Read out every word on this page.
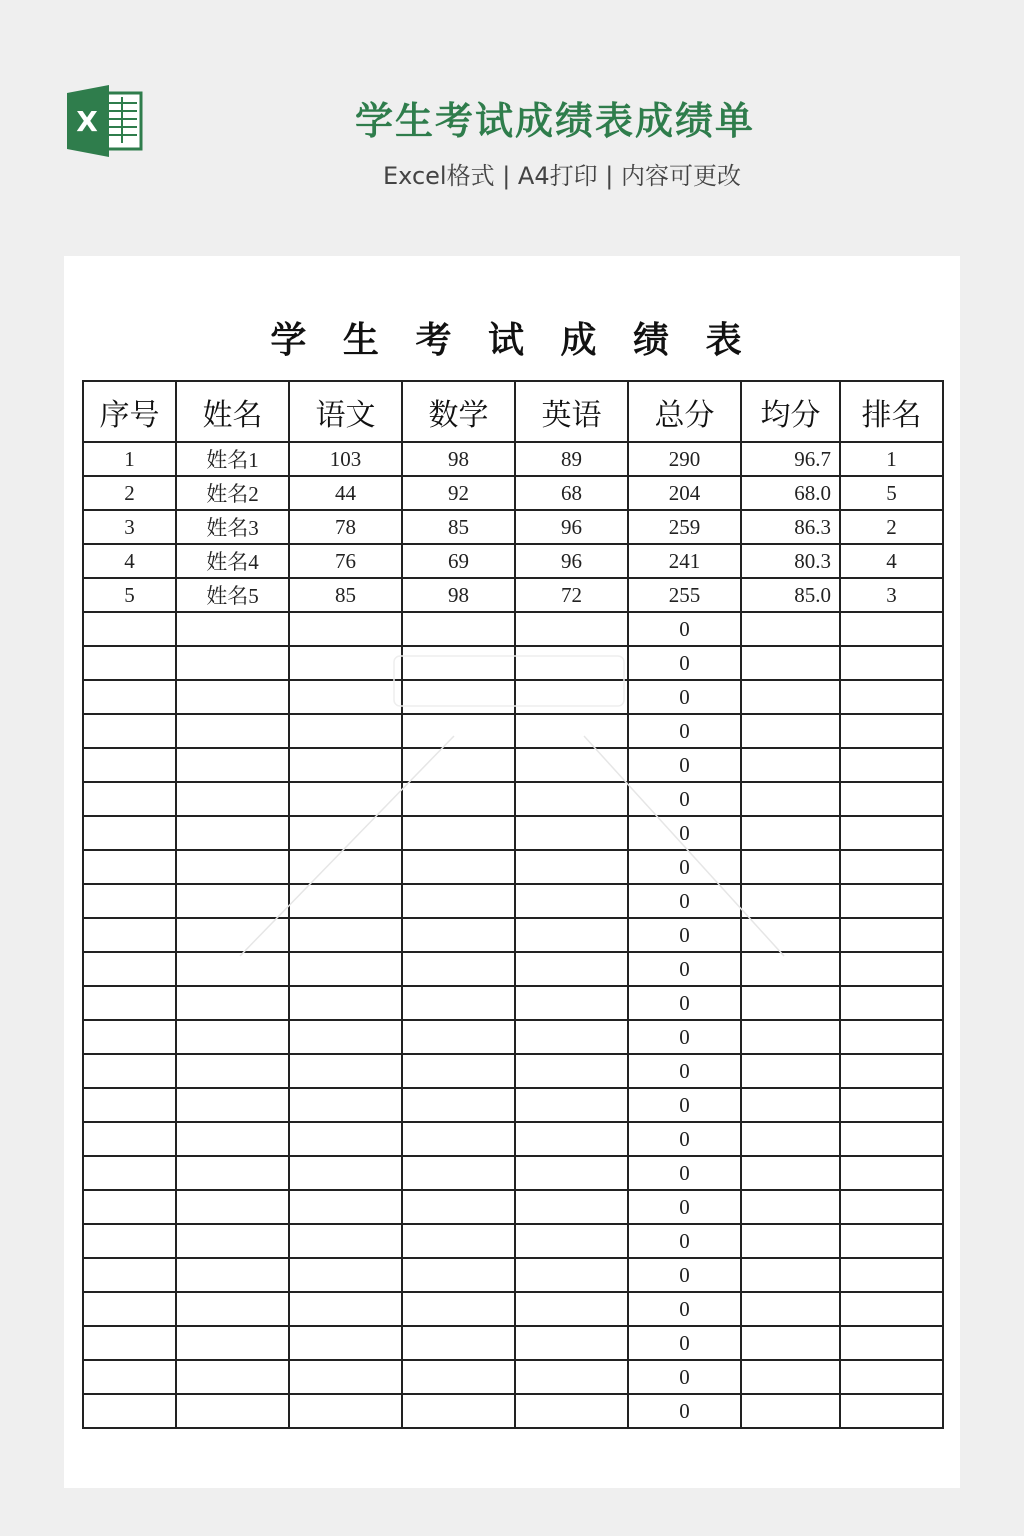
X	学生考试成绩表成绩单
Excel格式 | A4打印 | 内容可更改
学 生 考 试 成 绩 表
序号	姓名	语文	数学	英语	总分	均分	排名
1	姓名1	103	98	89	290	96.7	1
2	姓名2	44	92	68	204	68.0	5
3	姓名3	78	85	96	259	86.3	2
4	姓名4	76	69	96	241	80.3	4
5	姓名5	85	98	72	255	85.0	3
					0		
					0		
					0		
					0		
					0		
					0		
					0		
					0		
					0		
					0		
					0		
					0		
					0		
					0		
					0		
					0		
					0		
					0		
					0		
					0		
					0		
					0		
					0		
					0		
